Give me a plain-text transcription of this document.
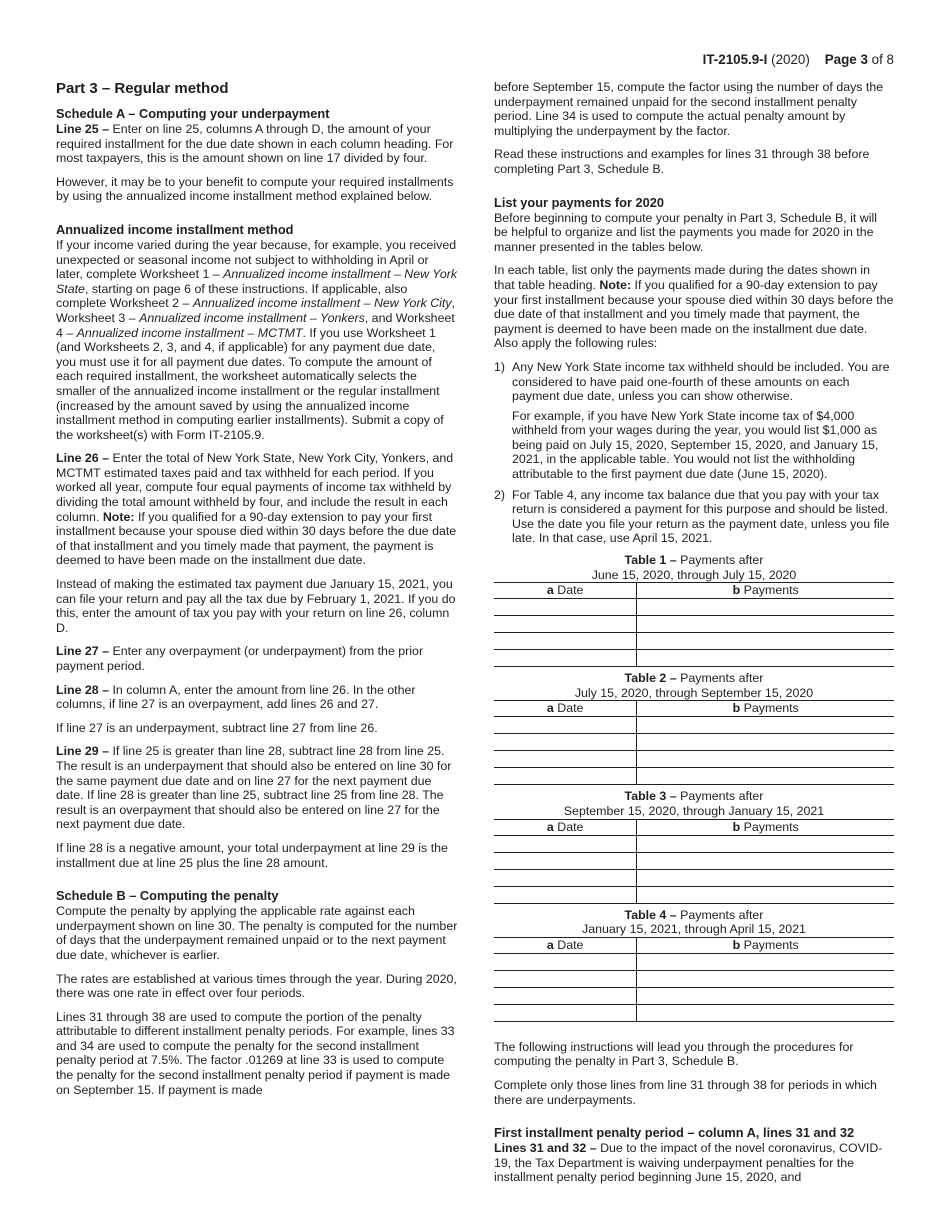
IT-2105.9-I (2020) Page 3 of 8
Part 3 – Regular method
Schedule A – Computing your underpayment

Line 25 – Enter on line 25, columns A through D, the amount of your required installment for the due date shown in each column heading. For most taxpayers, this is the amount shown on line 17 divided by four.

However, it may be to your benefit to compute your required installments by using the annualized income installment method explained below.

Annualized income installment method

If your income varied during the year because, for example, you received unexpected or seasonal income not subject to withholding in April or later, complete Worksheet 1 – Annualized income installment – New York State, starting on page 6 of these instructions. If applicable, also complete Worksheet 2 – Annualized income installment – New York City, Worksheet 3 – Annualized income installment – Yonkers, and Worksheet 4 – Annualized income installment – MCTMT. If you use Worksheet 1 (and Worksheets 2, 3, and 4, if applicable) for any payment due date, you must use it for all payment due dates. To compute the amount of each required installment, the worksheet automatically selects the smaller of the annualized income installment or the regular installment (increased by the amount saved by using the annualized income installment method in computing earlier installments). Submit a copy of the worksheet(s) with Form IT-2105.9.

Line 26 – Enter the total of New York State, New York City, Yonkers, and MCTMT estimated taxes paid and tax withheld for each period. If you worked all year, compute four equal payments of income tax withheld by dividing the total amount withheld by four, and include the result in each column. Note: If you qualified for a 90-day extension to pay your first installment because your spouse died within 30 days before the due date of that installment and you timely made that payment, the payment is deemed to have been made on the installment due date.

Instead of making the estimated tax payment due January 15, 2021, you can file your return and pay all the tax due by February 1, 2021. If you do this, enter the amount of tax you pay with your return on line 26, column D.

Line 27 – Enter any overpayment (or underpayment) from the prior payment period.

Line 28 – In column A, enter the amount from line 26. In the other columns, if line 27 is an overpayment, add lines 26 and 27.

If line 27 is an underpayment, subtract line 27 from line 26.

Line 29 – If line 25 is greater than line 28, subtract line 28 from line 25. The result is an underpayment that should also be entered on line 30 for the same payment due date and on line 27 for the next payment due date. If line 28 is greater than line 25, subtract line 25 from line 28. The result is an overpayment that should also be entered on line 27 for the next payment due date.

If line 28 is a negative amount, your total underpayment at line 29 is the installment due at line 25 plus the line 28 amount.

Schedule B – Computing the penalty

Compute the penalty by applying the applicable rate against each underpayment shown on line 30. The penalty is computed for the number of days that the underpayment remained unpaid or to the next payment due date, whichever is earlier.

The rates are established at various times through the year. During 2020, there was one rate in effect over four periods.

Lines 31 through 38 are used to compute the portion of the penalty attributable to different installment penalty periods. For example, lines 33 and 34 are used to compute the penalty for the second installment penalty period at 7.5%. The factor .01269 at line 33 is used to compute the penalty for the second installment penalty period if payment is made on September 15. If payment is made

before September 15, compute the factor using the number of days the underpayment remained unpaid for the second installment penalty period. Line 34 is used to compute the actual penalty amount by multiplying the underpayment by the factor.

Read these instructions and examples for lines 31 through 38 before completing Part 3, Schedule B.

List your payments for 2020

Before beginning to compute your penalty in Part 3, Schedule B, it will be helpful to organize and list the payments you made for 2020 in the manner presented in the tables below.

In each table, list only the payments made during the dates shown in that table heading. Note: If you qualified for a 90-day extension to pay your first installment because your spouse died within 30 days before the due date of that installment and you timely made that payment, the payment is deemed to have been made on the installment due date. Also apply the following rules:

1) Any New York State income tax withheld should be included. You are considered to have paid one-fourth of these amounts on each payment due date, unless you can show otherwise.

For example, if you have New York State income tax of $4,000 withheld from your wages during the year, you would list $1,000 as being paid on July 15, 2020, September 15, 2020, and January 15, 2021, in the applicable table. You would not list the withholding attributable to the first payment due date (June 15, 2020).

2) For Table 4, any income tax balance due that you pay with your tax return is considered a payment for this purpose and should be listed. Use the date you file your return as the payment date, unless you file late. In that case, use April 15, 2021.

Table 1 – Payments after
June 15, 2020, through July 15, 2020
a Date	b Payments

Table 2 – Payments after
July 15, 2020, through September 15, 2020
a Date	b Payments

Table 3 – Payments after
September 15, 2020, through January 15, 2021
a Date	b Payments

Table 4 – Payments after
January 15, 2021, through April 15, 2021
a Date	b Payments

The following instructions will lead you through the procedures for computing the penalty in Part 3, Schedule B.

Complete only those lines from line 31 through 38 for periods in which there are underpayments.

First installment penalty period – column A, lines 31 and 32

Lines 31 and 32 – Due to the impact of the novel coronavirus, COVID-19, the Tax Department is waiving underpayment penalties for the installment penalty period beginning June 15, 2020, and
